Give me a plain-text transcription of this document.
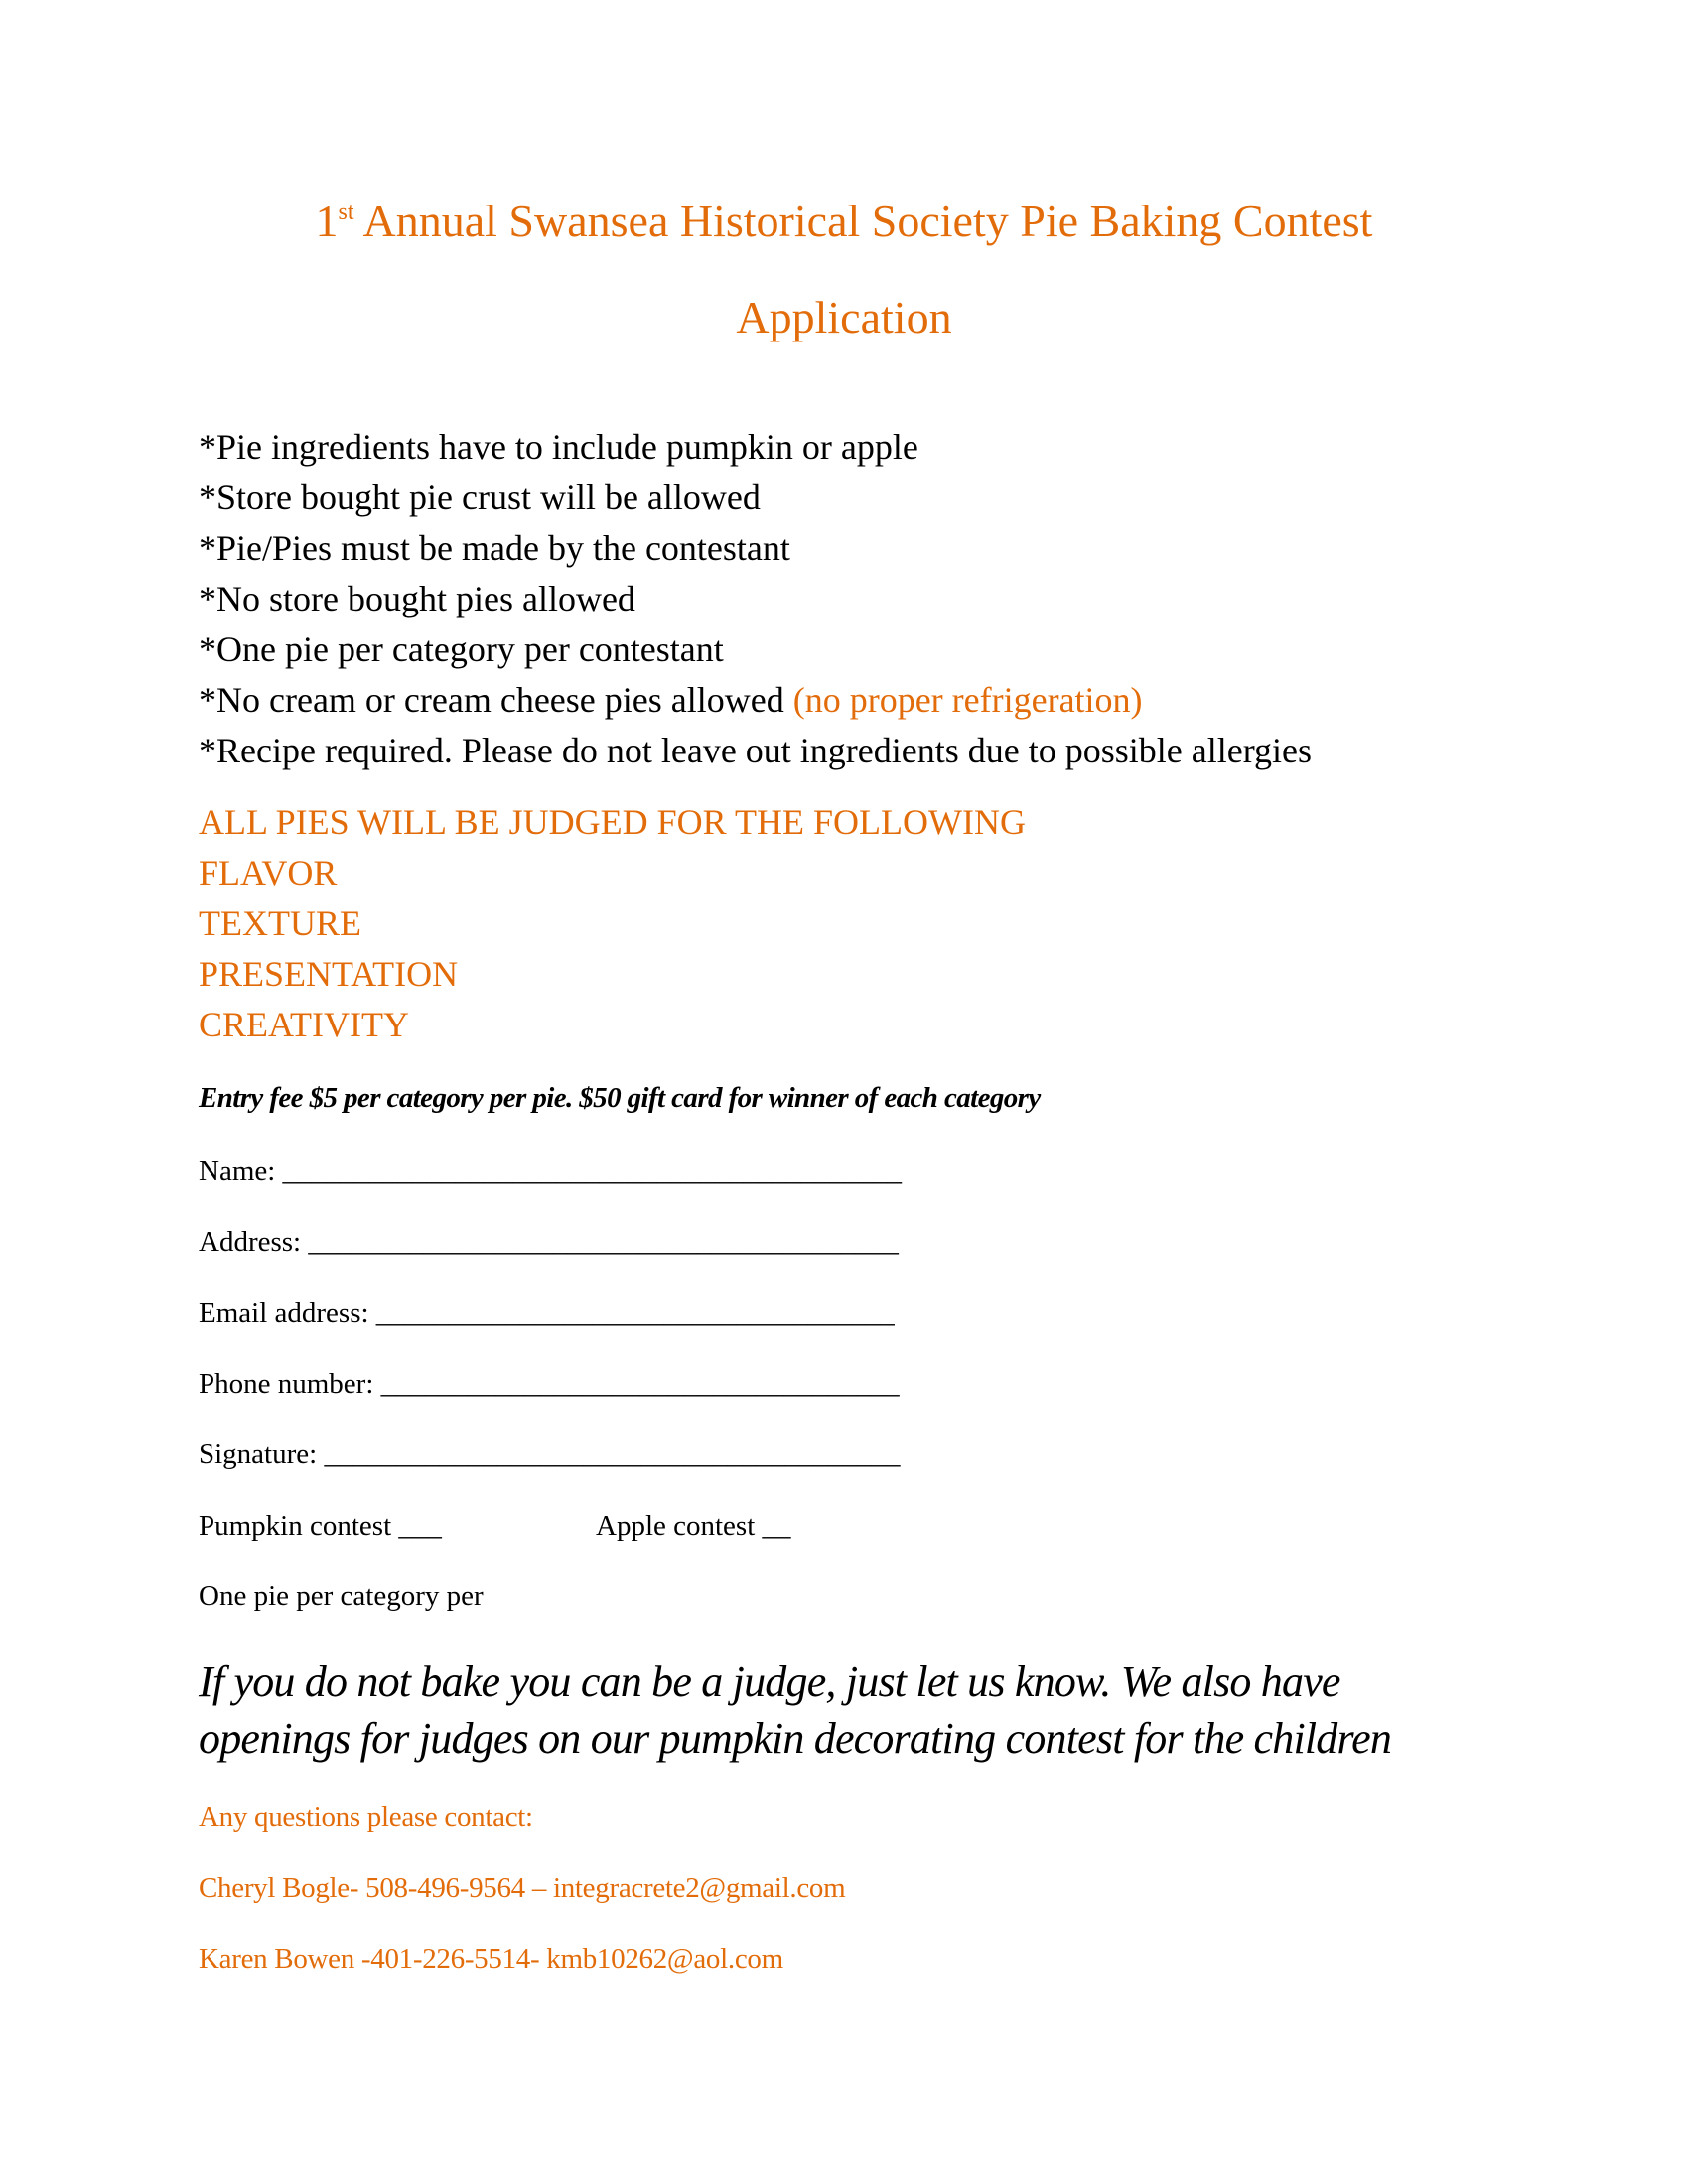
1st Annual Swansea Historical Society Pie Baking Contest
Application
*Pie ingredients have to include pumpkin or apple
*Store bought pie crust will be allowed
*Pie/Pies must be made by the contestant
*No store bought pies allowed
*One pie per category per contestant
*No cream or cream cheese pies allowed (no proper refrigeration)
*Recipe required. Please do not leave out ingredients due to possible allergies
ALL PIES WILL BE JUDGED FOR THE FOLLOWING
FLAVOR
TEXTURE
PRESENTATION
CREATIVITY
Entry fee $5 per category per pie. $50 gift card for winner of each category
Name: ___________________________________________
Address: _________________________________________
Email address: ____________________________________
Phone number: ____________________________________
Signature: ________________________________________
Pumpkin contest ___	Apple contest __
One pie per category per
If you do not bake you can be a judge, just let us know. We also have
openings for judges on our pumpkin decorating contest for the children
Any questions please contact:
Cheryl Bogle- 508-496-9564 – integracrete2@gmail.com
Karen Bowen -401-226-5514- kmb10262@aol.com
